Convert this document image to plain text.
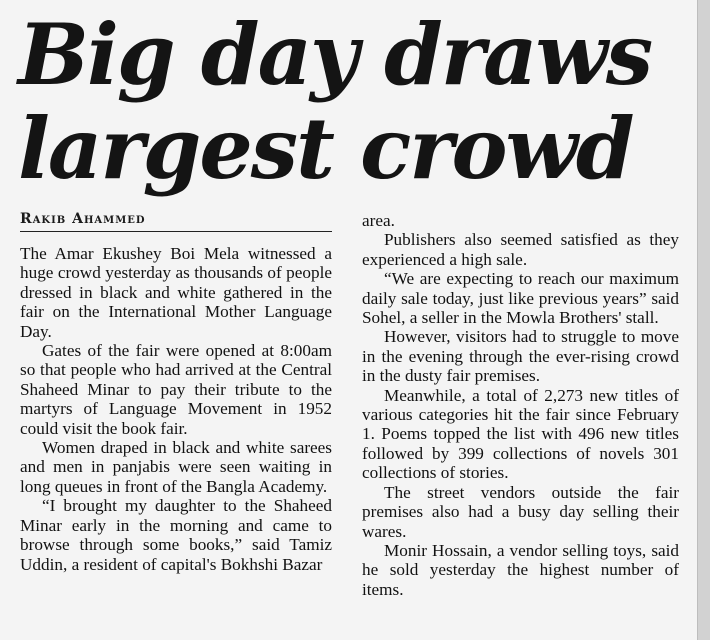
Big day draws largest crowd
Rakib Ahammed

The Amar Ekushey Boi Mela witnessed a huge crowd yesterday as thousands of people dressed in black and white gathered in the fair on the International Mother Language Day.

Gates of the fair were opened at 8:00am so that people who had arrived at the Central Shaheed Minar to pay their tribute to the martyrs of Language Movement in 1952 could visit the book fair.

Women draped in black and white sarees and men in panjabis were seen waiting in long queues in front of the Bangla Academy.

“I brought my daughter to the Shaheed Minar early in the morning and came to browse through some books,” said Tamiz Uddin, a resident of capital's Bokhshi Bazar

area.

Publishers also seemed satisfied as they experienced a high sale.

“We are expecting to reach our maximum daily sale today, just like previous years” said Sohel, a seller in the Mowla Brothers' stall.

However, visitors had to struggle to move in the evening through the ever-rising crowd in the dusty fair premises.

Meanwhile, a total of 2,273 new titles of various categories hit the fair since February 1. Poems topped the list with 496 new titles followed by 399 collections of novels 301 collections of stories.

The street vendors outside the fair premises also had a busy day selling their wares.

Monir Hossain, a vendor selling toys, said he sold yesterday the highest number of items.
